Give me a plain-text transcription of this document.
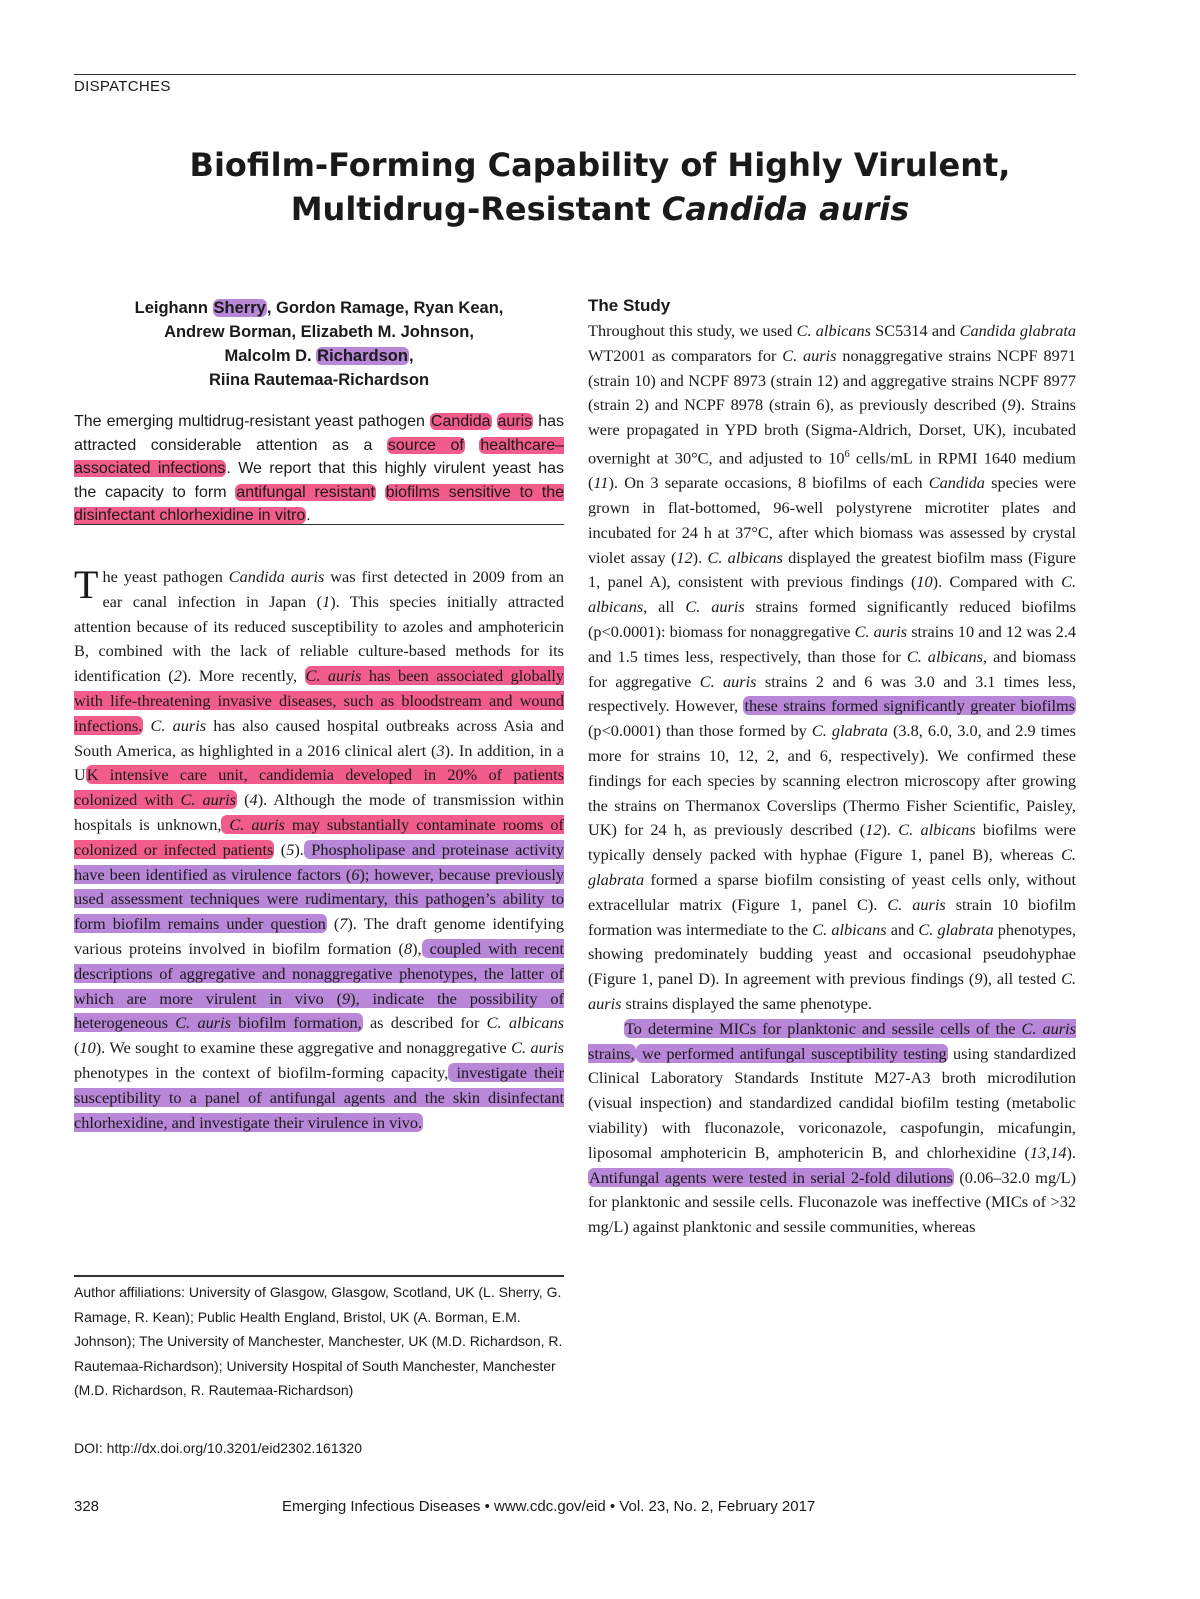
DISPATCHES
Biofilm-Forming Capability of Highly Virulent,
Multidrug-Resistant Candida auris
Leighann Sherry, Gordon Ramage, Ryan Kean,
Andrew Borman, Elizabeth M. Johnson,
Malcolm D. Richardson,
Riina Rautemaa-Richardson
The emerging multidrug-resistant yeast pathogen Candida auris has attracted considerable attention as a source of healthcare–associated infections. We report that this highly virulent yeast has the capacity to form antifungal resistant biofilms sensitive to the disinfectant chlorhexidine in vitro.
The yeast pathogen Candida auris was first detected in 2009 from an ear canal infection in Japan (1). This species initially attracted attention because of its reduced susceptibility to azoles and amphotericin B, combined with the lack of reliable culture-based methods for its identification (2). More recently, C. auris has been associated globally with life-threatening invasive diseases, such as bloodstream and wound infections. C. auris has also caused hospital outbreaks across Asia and South America, as highlighted in a 2016 clinical alert (3). In addition, in a UK intensive care unit, candidemia developed in 20% of patients colonized with C. auris (4). Although the mode of transmission within hospitals is unknown, C. auris may substantially contaminate rooms of colonized or infected patients (5). Phospholipase and proteinase activity have been identified as virulence factors (6); however, because previously used assessment techniques were rudimentary, this pathogen’s ability to form biofilm remains under question (7). The draft genome identifying various proteins involved in biofilm formation (8), coupled with recent descriptions of aggregative and nonaggregative phenotypes, the latter of which are more virulent in vivo (9), indicate the possibility of heterogeneous C. auris biofilm formation, as described for C. albicans (10). We sought to examine these aggregative and nonaggregative C. auris phenotypes in the context of biofilm-forming capacity, investigate their susceptibility to a panel of antifungal agents and the skin disinfectant chlorhexidine, and investigate their virulence in vivo.
Author affiliations: University of Glasgow, Glasgow, Scotland, UK (L. Sherry, G. Ramage, R. Kean); Public Health England, Bristol, UK (A. Borman, E.M. Johnson); The University of Manchester, Manchester, UK (M.D. Richardson, R. Rautemaa-Richardson); University Hospital of South Manchester, Manchester (M.D. Richardson, R. Rautemaa-Richardson)
DOI: http://dx.doi.org/10.3201/eid2302.161320
The Study
Throughout this study, we used C. albicans SC5314 and Candida glabrata WT2001 as comparators for C. auris nonaggregative strains NCPF 8971 (strain 10) and NCPF 8973 (strain 12) and aggregative strains NCPF 8977 (strain 2) and NCPF 8978 (strain 6), as previously described (9). Strains were propagated in YPD broth (Sigma-Aldrich, Dorset, UK), incubated overnight at 30°C, and adjusted to $10^6$ cells/mL in RPMI 1640 medium (11). On 3 separate occasions, 8 biofilms of each Candida species were grown in flat-bottomed, 96-well polystyrene microtiter plates and incubated for 24 h at 37°C, after which biomass was assessed by crystal violet assay (12). C. albicans displayed the greatest biofilm mass (Figure 1, panel A), consistent with previous findings (10). Compared with C. albicans, all C. auris strains formed significantly reduced biofilms (p<0.0001): biomass for nonaggregative C. auris strains 10 and 12 was 2.4 and 1.5 times less, respectively, than those for C. albicans, and biomass for aggregative C. auris strains 2 and 6 was 3.0 and 3.1 times less, respectively. However, these strains formed significantly greater biofilms (p<0.0001) than those formed by C. glabrata (3.8, 6.0, 3.0, and 2.9 times more for strains 10, 12, 2, and 6, respectively). We confirmed these findings for each species by scanning electron microscopy after growing the strains on Thermanox Coverslips (Thermo Fisher Scientific, Paisley, UK) for 24 h, as previously described (12). C. albicans biofilms were typically densely packed with hyphae (Figure 1, panel B), whereas C. glabrata formed a sparse biofilm consisting of yeast cells only, without extracellular matrix (Figure 1, panel C). C. auris strain 10 biofilm formation was intermediate to the C. albicans and C. glabrata phenotypes, showing predominately budding yeast and occasional pseudohyphae (Figure 1, panel D). In agreement with previous findings (9), all tested C. auris strains displayed the same phenotype.
To determine MICs for planktonic and sessile cells of the C. auris strains, we performed antifungal susceptibility testing using standardized Clinical Laboratory Standards Institute M27-A3 broth microdilution (visual inspection) and standardized candidal biofilm testing (metabolic viability) with fluconazole, voriconazole, caspofungin, micafungin, liposomal amphotericin B, amphotericin B, and chlorhexidine (13,14). Antifungal agents were tested in serial 2-fold dilutions (0.06–32.0 mg/L) for planktonic and sessile cells. Fluconazole was ineffective (MICs of >32 mg/L) against planktonic and sessile communities, whereas
328	Emerging Infectious Diseases • www.cdc.gov/eid • Vol. 23, No. 2, February 2017
